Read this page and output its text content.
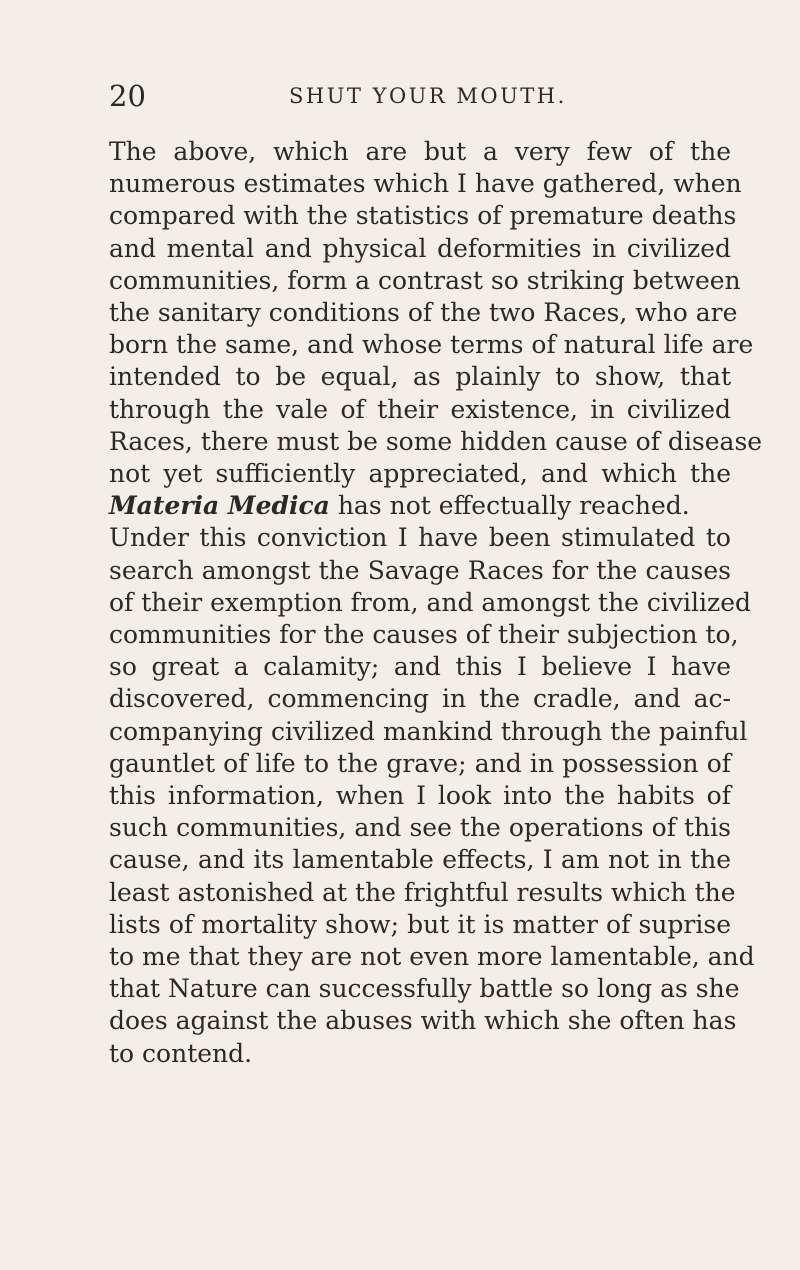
20	SHUT YOUR MOUTH.
The above, which are but a very few of the
numerous estimates which I have gathered, when
compared with the statistics of premature deaths
and mental and physical deformities in civilized
communities, form a contrast so striking between
the sanitary conditions of the two Races, who are
born the same, and whose terms of natural life are
intended to be equal, as plainly to show, that
through the vale of their existence, in civilized
Races, there must be some hidden cause of disease
not yet sufficiently appreciated, and which the
Materia Medica has not effectually reached.
Under this conviction I have been stimulated to
search amongst the Savage Races for the causes
of their exemption from, and amongst the civilized
communities for the causes of their subjection to,
so great a calamity; and this I believe I have
discovered, commencing in the cradle, and ac-
companying civilized mankind through the painful
gauntlet of life to the grave; and in possession of
this information, when I look into the habits of
such communities, and see the operations of this
cause, and its lamentable effects, I am not in the
least astonished at the frightful results which the
lists of mortality show; but it is matter of suprise
to me that they are not even more lamentable, and
that Nature can successfully battle so long as she
does against the abuses with which she often has
to contend.
